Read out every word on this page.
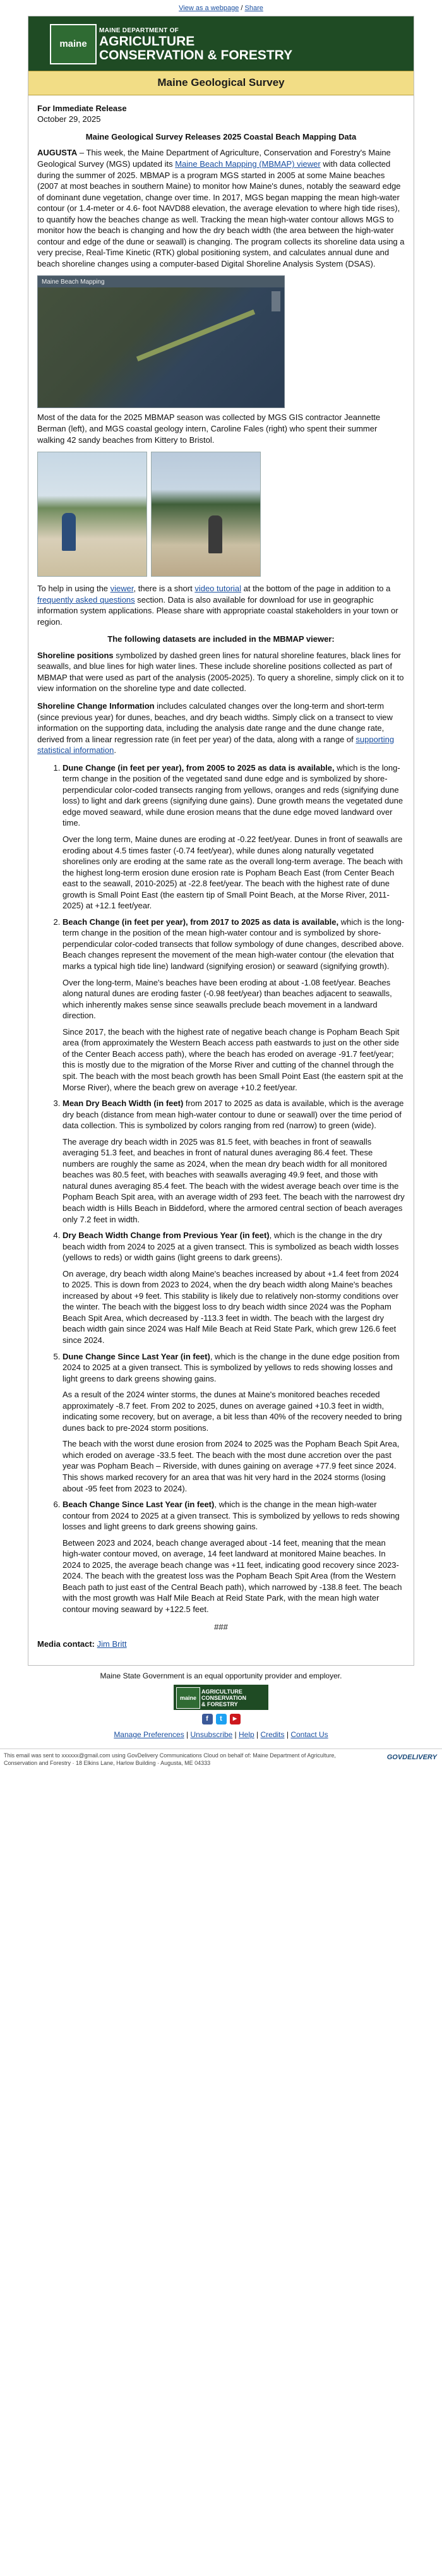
View as a webpage / Share
maine
MAINE DEPARTMENT OF
AGRICULTURE
CONSERVATION & FORESTRY
Maine Geological Survey

For Immediate Release

October 29, 2025

Maine Geological Survey Releases 2025 Coastal Beach Mapping Data

AUGUSTA – This week, the Maine Department of Agriculture, Conservation and Forestry's Maine Geological Survey (MGS) updated its Maine Beach Mapping (MBMAP) viewer with data collected during the summer of 2025. MBMAP is a program MGS started in 2005 at some Maine beaches (2007 at most beaches in southern Maine) to monitor how Maine's dunes, notably the seaward edge of dominant dune vegetation, change over time. In 2017, MGS began mapping the mean high-water contour (or 1.4-meter or 4.6- foot NAVD88 elevation, the average elevation to where high tide rises), to quantify how the beaches change as well. Tracking the mean high-water contour allows MGS to monitor how the beach is changing and how the dry beach width (the area between the high-water contour and edge of the dune or seawall) is changing. The program collects its shoreline data using a very precise, Real-Time Kinetic (RTK) global positioning system, and calculates annual dune and beach shoreline changes using a computer-based Digital Shoreline Analysis System (DSAS).

Maine Beach Mapping

Most of the data for the 2025 MBMAP season was collected by MGS GIS contractor Jeannette Berman (left), and MGS coastal geology intern, Caroline Fales (right) who spent their summer walking 42 sandy beaches from Kittery to Bristol.

To help in using the viewer, there is a short video tutorial at the bottom of the page in addition to a frequently asked questions section. Data is also available for download for use in geographic information system applications. Please share with appropriate coastal stakeholders in your town or region.

The following datasets are included in the MBMAP viewer:

Shoreline positions symbolized by dashed green lines for natural shoreline features, black lines for seawalls, and blue lines for high water lines. These include shoreline positions collected as part of MBMAP that were used as part of the analysis (2005-2025). To query a shoreline, simply click on it to view information on the shoreline type and date collected.

Shoreline Change Information includes calculated changes over the long-term and short-term (since previous year) for dunes, beaches, and dry beach widths. Simply click on a transect to view information on the supporting data, including the analysis date range and the dune change rate, derived from a linear regression rate (in feet per year) of the data, along with a range of supporting statistical information.

1. Dune Change (in feet per year), from 2005 to 2025 as data is available, which is the long-term change in the position of the vegetated sand dune edge and is symbolized by shore-perpendicular color-coded transects ranging from yellows, oranges and reds (signifying dune loss) to light and dark greens (signifying dune gains). Dune growth means the vegetated dune edge moved seaward, while dune erosion means that the dune edge moved landward over time.

Over the long term, Maine dunes are eroding at -0.22 feet/year. Dunes in front of seawalls are eroding about 4.5 times faster (-0.74 feet/year), while dunes along naturally vegetated shorelines only are eroding at the same rate as the overall long-term average. The beach with the highest long-term erosion dune erosion rate is Popham Beach East (from Center Beach east to the seawall, 2010-2025) at -22.8 feet/year. The beach with the highest rate of dune growth is Small Point East (the eastern tip of Small Point Beach, at the Morse River, 2011-2025) at +12.1 feet/year.

2. Beach Change (in feet per year), from 2017 to 2025 as data is available, which is the long-term change in the position of the mean high-water contour and is symbolized by shore-perpendicular color-coded transects that follow symbology of dune changes, described above. Beach changes represent the movement of the mean high-water contour (the elevation that marks a typical high tide line) landward (signifying erosion) or seaward (signifying growth).

Over the long-term, Maine's beaches have been eroding at about -1.08 feet/year. Beaches along natural dunes are eroding faster (-0.98 feet/year) than beaches adjacent to seawalls, which inherently makes sense since seawalls preclude beach movement in a landward direction.

Since 2017, the beach with the highest rate of negative beach change is Popham Beach Spit area (from approximately the Western Beach access path eastwards to just on the other side of the Center Beach access path), where the beach has eroded on average -91.7 feet/year; this is mostly due to the migration of the Morse River and cutting of the channel through the spit. The beach with the most beach growth has been Small Point East (the eastern spit at the Morse River), where the beach grew on average +10.2 feet/year.

3. Mean Dry Beach Width (in feet) from 2017 to 2025 as data is available, which is the average dry beach (distance from mean high-water contour to dune or seawall) over the time period of data collection. This is symbolized by colors ranging from red (narrow) to green (wide).

The average dry beach width in 2025 was 81.5 feet, with beaches in front of seawalls averaging 51.3 feet, and beaches in front of natural dunes averaging 86.4 feet. These numbers are roughly the same as 2024, when the mean dry beach width for all monitored beaches was 80.5 feet, with beaches with seawalls averaging 49.9 feet, and those with natural dunes averaging 85.4 feet. The beach with the widest average beach over time is the Popham Beach Spit area, with an average width of 293 feet. The beach with the narrowest dry beach width is Hills Beach in Biddeford, where the armored central section of beach averages only 7.2 feet in width.

4. Dry Beach Width Change from Previous Year (in feet), which is the change in the dry beach width from 2024 to 2025 at a given transect. This is symbolized as beach width losses (yellows to reds) or width gains (light greens to dark greens).

On average, dry beach width along Maine's beaches increased by about +1.4 feet from 2024 to 2025. This is down from 2023 to 2024, when the dry beach width along Maine's beaches increased by about +9 feet. This stability is likely due to relatively non-stormy conditions over the winter. The beach with the biggest loss to dry beach width since 2024 was the Popham Beach Spit Area, which decreased by -113.3 feet in width. The beach with the largest dry beach width gain since 2024 was Half Mile Beach at Reid State Park, which grew 126.6 feet since 2024.

5. Dune Change Since Last Year (in feet), which is the change in the dune edge position from 2024 to 2025 at a given transect. This is symbolized by yellows to reds showing losses and light greens to dark greens showing gains.

As a result of the 2024 winter storms, the dunes at Maine's monitored beaches receded approximately -8.7 feet. From 202 to 2025, dunes on average gained +10.3 feet in width, indicating some recovery, but on average, a bit less than 40% of the recovery needed to bring dunes back to pre-2024 storm positions.

The beach with the worst dune erosion from 2024 to 2025 was the Popham Beach Spit Area, which eroded on average -33.5 feet. The beach with the most dune accretion over the past year was Popham Beach – Riverside, with dunes gaining on average +77.9 feet since 2024. This shows marked recovery for an area that was hit very hard in the 2024 storms (losing about -95 feet from 2023 to 2024).

6. Beach Change Since Last Year (in feet), which is the change in the mean high-water contour from 2024 to 2025 at a given transect. This is symbolized by yellows to reds showing losses and light greens to dark greens showing gains.

Between 2023 and 2024, beach change averaged about -14 feet, meaning that the mean high-water contour moved, on average, 14 feet landward at monitored Maine beaches. In 2024 to 2025, the average beach change was +11 feet, indicating good recovery since 2023-2024. The beach with the greatest loss was the Popham Beach Spit Area (from the Western Beach path to just east of the Central Beach path), which narrowed by -138.8 feet. The beach with the most growth was Half Mile Beach at Reid State Park, with the mean high water contour moving seaward by +122.5 feet.

###

Media contact: Jim Britt

Maine State Government is an equal opportunity provider and employer.
maine
AGRICULTURE
CONSERVATION
& FORESTRY
f	t	▶
Manage Preferences | Unsubscribe | Help | Credits | Contact Us
This email was sent to xxxxxx@gmail.com using GovDelivery Communications Cloud on behalf of: Maine Department of Agriculture, Conservation and Forestry · 18 Elkins Lane, Harlow Building · Augusta, ME 04333
GOVDELIVERY
